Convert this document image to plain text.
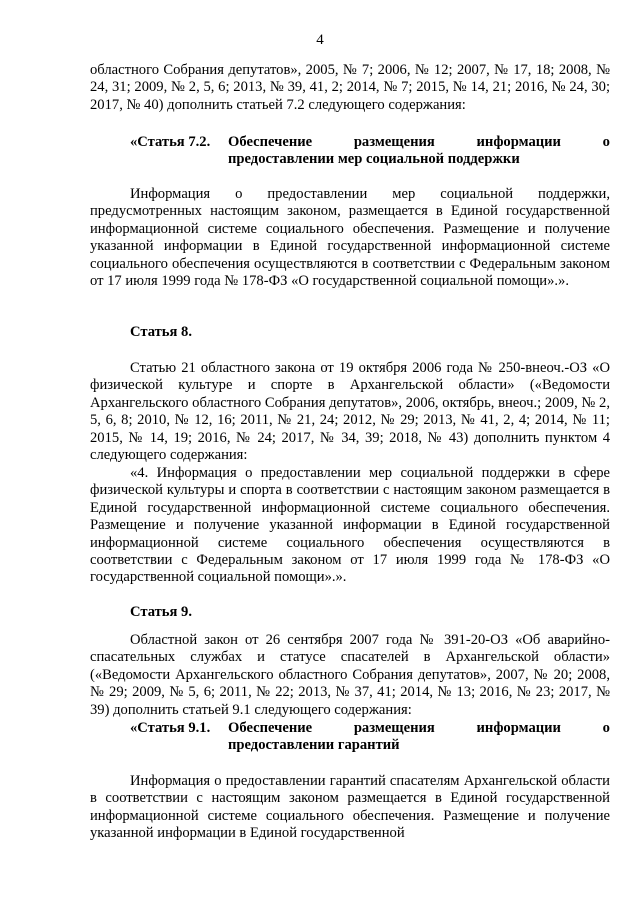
4
областного Собрания депутатов», 2005, № 7; 2006, № 12; 2007, № 17, 18; 2008, № 24, 31; 2009, № 2, 5, 6; 2013, № 39, 41, 2; 2014, № 7; 2015, № 14, 21; 2016, № 24, 30; 2017, № 40) дополнить статьей 7.2 следующего содержания:
«Статья 7.2.	Обеспечение	размещения	информации	о
предоставлении мер социальной поддержки
Информация о предоставлении мер социальной поддержки, предусмотренных настоящим законом, размещается в Единой государственной информационной системе социального обеспечения. Размещение и получение указанной информации в Единой государственной информационной системе социального обеспечения осуществляются в соответствии с Федеральным законом от 17 июля 1999 года № 178-ФЗ «О государственной социальной помощи».».
Статья 8.
Статью 21 областного закона от 19 октября 2006 года № 250-внеоч.-ОЗ «О физической культуре и спорте в Архангельской области» («Ведомости Архангельского областного Собрания депутатов», 2006, октябрь, внеоч.; 2009, № 2, 5, 6, 8; 2010, № 12, 16; 2011, № 21, 24; 2012, № 29; 2013, № 41, 2, 4; 2014, № 11; 2015, № 14, 19; 2016, № 24; 2017, № 34, 39; 2018, № 43) дополнить пунктом 4 следующего содержания:
«4. Информация о предоставлении мер социальной поддержки в сфере физической культуры и спорта в соответствии с настоящим законом размещается в Единой государственной информационной системе социального обеспечения. Размещение и получение указанной информации в Единой государственной информационной системе социального обеспечения осуществляются в соответствии с Федеральным законом от 17 июля 1999 года № 178-ФЗ «О государственной социальной помощи».».
Статья 9.
Областной закон от 26 сентября 2007 года № 391-20-ОЗ «Об аварийно-спасательных службах и статусе спасателей в Архангельской области» («Ведомости Архангельского областного Собрания депутатов», 2007, № 20; 2008, № 29; 2009, № 5, 6; 2011, № 22; 2013, № 37, 41; 2014, № 13; 2016, № 23; 2017, № 39) дополнить статьей 9.1 следующего содержания:
«Статья 9.1.	Обеспечение	размещения	информации	о
предоставлении гарантий
Информация о предоставлении гарантий спасателям Архангельской области в соответствии с настоящим законом размещается в Единой государственной информационной системе социального обеспечения. Размещение и получение указанной информации в Единой государственной
